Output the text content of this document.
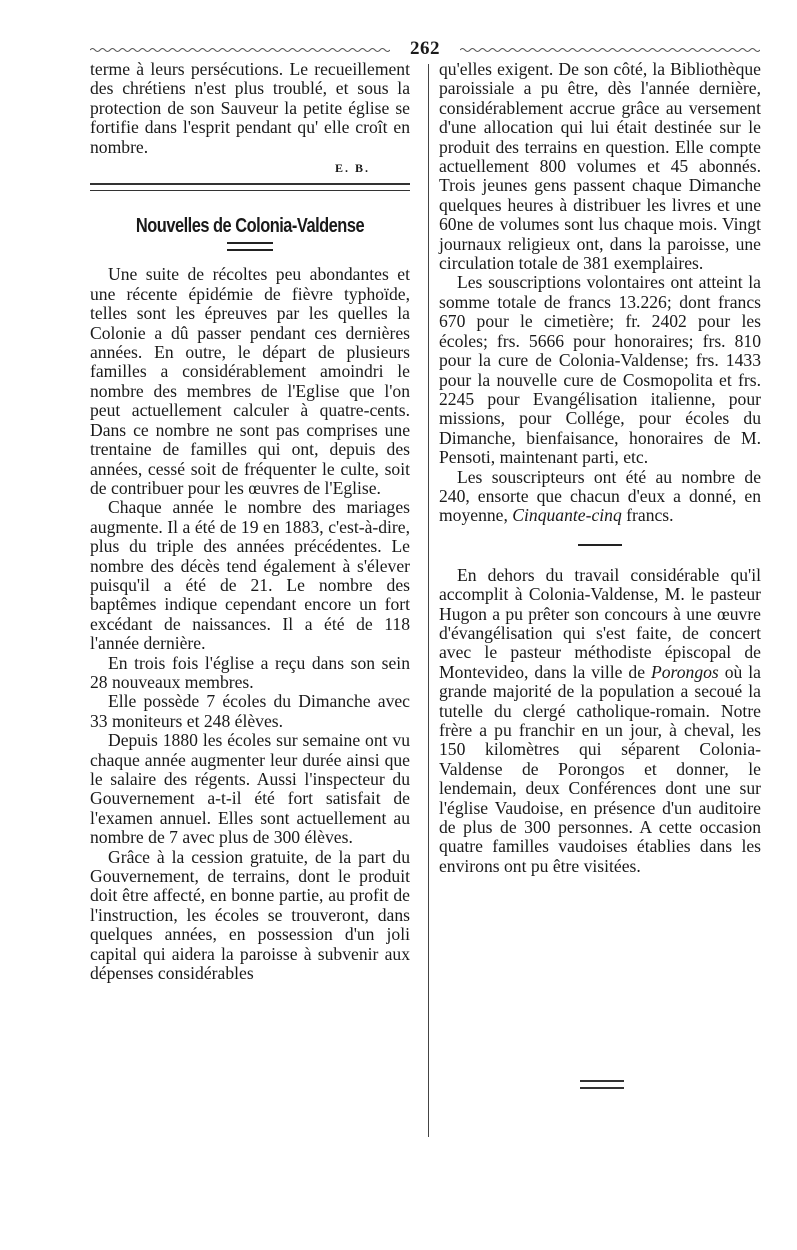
262

terme à leurs persécutions. Le recueillement des chrétiens n'est plus troublé, et sous la protection de son Sauveur la petite église se fortifie dans l'esprit pendant qu' elle croît en nombre.

E. B.
Nouvelles de Colonia-Valdense

Une suite de récoltes peu abondantes et une récente épidémie de fièvre typhoïde, telles sont les épreuves par les quelles la Colonie a dû passer pendant ces dernières années. En outre, le départ de plusieurs familles a considérablement amoindri le nombre des membres de l'Eglise que l'on peut actuellement calculer à quatre-cents. Dans ce nombre ne sont pas comprises une trentaine de familles qui ont, depuis des années, cessé soit de fréquenter le culte, soit de contribuer pour les œuvres de l'Eglise.

Chaque année le nombre des mariages augmente. Il a été de 19 en 1883, c'est-à-dire, plus du triple des années précédentes. Le nombre des décès tend également à s'élever puisqu'il a été de 21. Le nombre des baptêmes indique cependant encore un fort excédant de naissances. Il a été de 118 l'année dernière.

En trois fois l'église a reçu dans son sein 28 nouveaux membres.

Elle possède 7 écoles du Dimanche avec 33 moniteurs et 248 élèves.

Depuis 1880 les écoles sur semaine ont vu chaque année augmenter leur durée ainsi que le salaire des régents. Aussi l'inspecteur du Gouvernement a-t-il été fort satisfait de l'examen annuel. Elles sont actuellement au nombre de 7 avec plus de 300 élèves.

Grâce à la cession gratuite, de la part du Gouvernement, de terrains, dont le produit doit être affecté, en bonne partie, au profit de l'instruction, les écoles se trouveront, dans quelques années, en possession d'un joli capital qui aidera la paroisse à subvenir aux dépenses considérables

qu'elles exigent. De son côté, la Bibliothèque paroissiale a pu être, dès l'année dernière, considérablement accrue grâce au versement d'une allocation qui lui était destinée sur le produit des terrains en question. Elle compte actuellement 800 volumes et 45 abonnés. Trois jeunes gens passent chaque Dimanche quelques heures à distribuer les livres et une 60ne de volumes sont lus chaque mois. Vingt journaux religieux ont, dans la paroisse, une circulation totale de 381 exemplaires.

Les souscriptions volontaires ont atteint la somme totale de francs 13.226; dont francs 670 pour le cimetière; fr. 2402 pour les écoles; frs. 5666 pour honoraires; frs. 810 pour la cure de Colonia-Valdense; frs. 1433 pour la nouvelle cure de Cosmopolita et frs. 2245 pour Evangélisation italienne, pour missions, pour Collége, pour écoles du Dimanche, bienfaisance, honoraires de M. Pensoti, maintenant parti, etc.

Les souscripteurs ont été au nombre de 240, ensorte que chacun d'eux a donné, en moyenne, Cinquante-cinq francs.

En dehors du travail considérable qu'il accomplit à Colonia-Valdense, M. le pasteur Hugon a pu prêter son concours à une œuvre d'évangélisation qui s'est faite, de concert avec le pasteur méthodiste épiscopal de Montevideo, dans la ville de Porongos où la grande majorité de la population a secoué la tutelle du clergé catholique-romain. Notre frère a pu franchir en un jour, à cheval, les 150 kilomètres qui séparent Colonia-Valdense de Porongos et donner, le lendemain, deux Conférences dont une sur l'église Vaudoise, en présence d'un auditoire de plus de 300 personnes. A cette occasion quatre familles vaudoises établies dans les environs ont pu être visitées.
